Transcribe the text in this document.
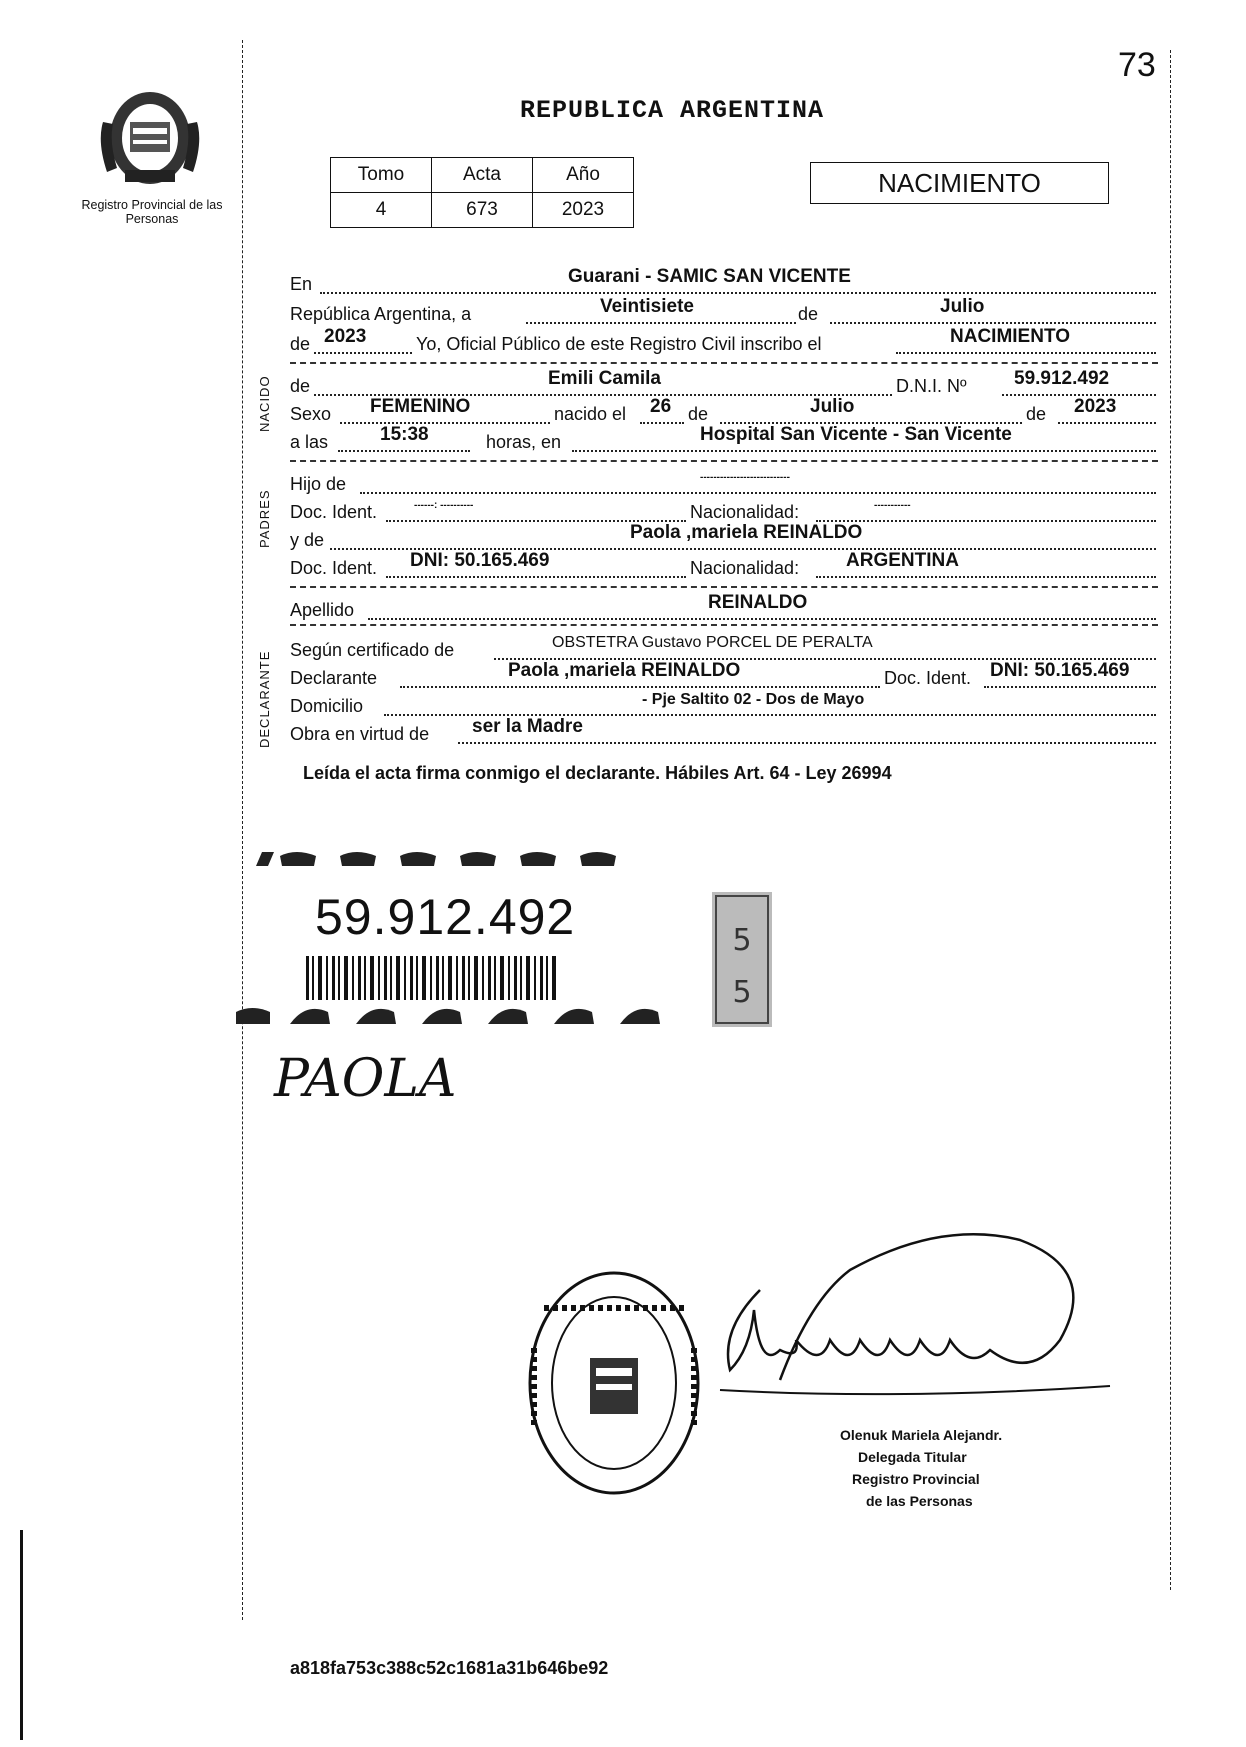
Registro Provincial de las Personas
73
REPUBLICA ARGENTINA
Tomo	Acta	Año
4	673	2023
NACIMIENTO
En	Guarani - SAMIC SAN VICENTE
República Argentina, a	Veintisiete	de	Julio
de 2023	Yo, Oficial Público de este Registro Civil inscribo el	NACIMIENTO
NACIDO de	Emili Camila	D.N.I. Nº 59.912.492
Sexo FEMENINO	nacido el 26 de	Julio	de 2023
a las	15:38	horas, en	Hospital San Vicente - San Vicente
PADRES
Hijo de	---------------------------
Doc. Ident.	------: ----------	Nacionalidad:	-----------
y de	Paola ,mariela REINALDO
Doc. Ident. DNI: 50.165.469	Nacionalidad: ARGENTINA
Apellido	REINALDO
DECLARANTE
Según certificado de	OBSTETRA Gustavo PORCEL DE PERALTA
Declarante	Paola ,mariela REINALDO	Doc. Ident. DNI: 50.165.469
Domicilio	- Pje Saltito 02 - Dos de Mayo
Obra en virtud de ser la Madre
Leída el acta firma conmigo el declarante. Hábiles Art. 64 - Ley 26994
59.912.492	5
5
PAOLA
Olenuk Mariela Alejandr.
Delegada Titular
Registro Provincial
de las Personas
a818fa753c388c52c1681a31b646be92
